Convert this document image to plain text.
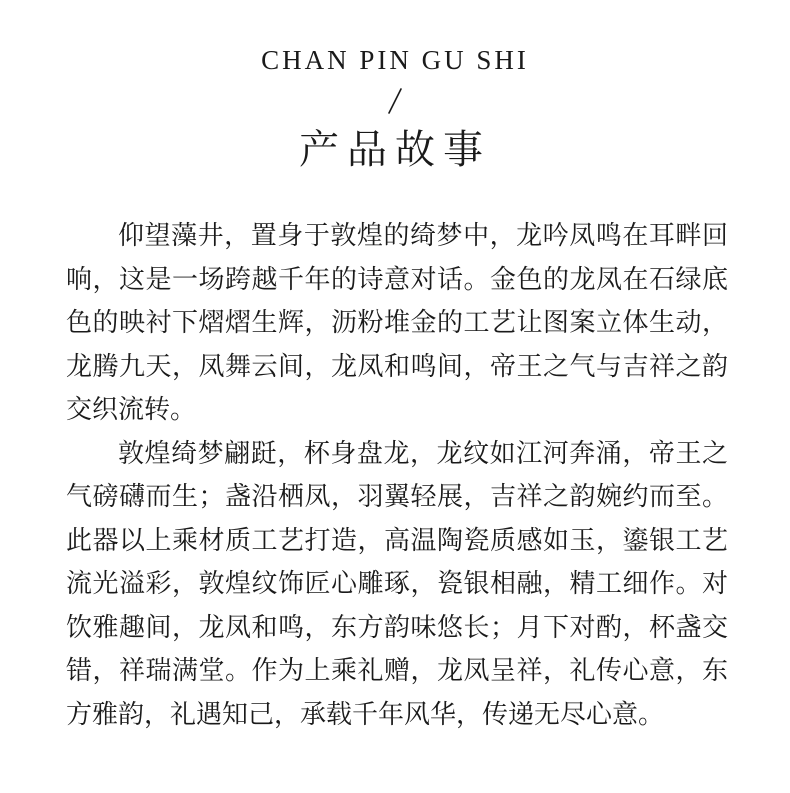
CHAN PIN GU SHI
产品故事

仰望藻井，置身于敦煌的绮梦中，龙吟凤鸣在耳畔回响，这是一场跨越千年的诗意对话。金色的龙凤在石绿底色的映衬下熠熠生辉，沥粉堆金的工艺让图案立体生动，龙腾九天，凤舞云间，龙凤和鸣间，帝王之气与吉祥之韵交织流转。

敦煌绮梦翩跹，杯身盘龙，龙纹如江河奔涌，帝王之气磅礴而生；盏沿栖凤，羽翼轻展，吉祥之韵婉约而至。此器以上乘材质工艺打造，高温陶瓷质感如玉，鎏银工艺流光溢彩，敦煌纹饰匠心雕琢，瓷银相融，精工细作。对饮雅趣间，龙凤和鸣，东方韵味悠长；月下对酌，杯盏交错，祥瑞满堂。作为上乘礼赠，龙凤呈祥，礼传心意，东方雅韵，礼遇知己，承载千年风华，传递无尽心意。
